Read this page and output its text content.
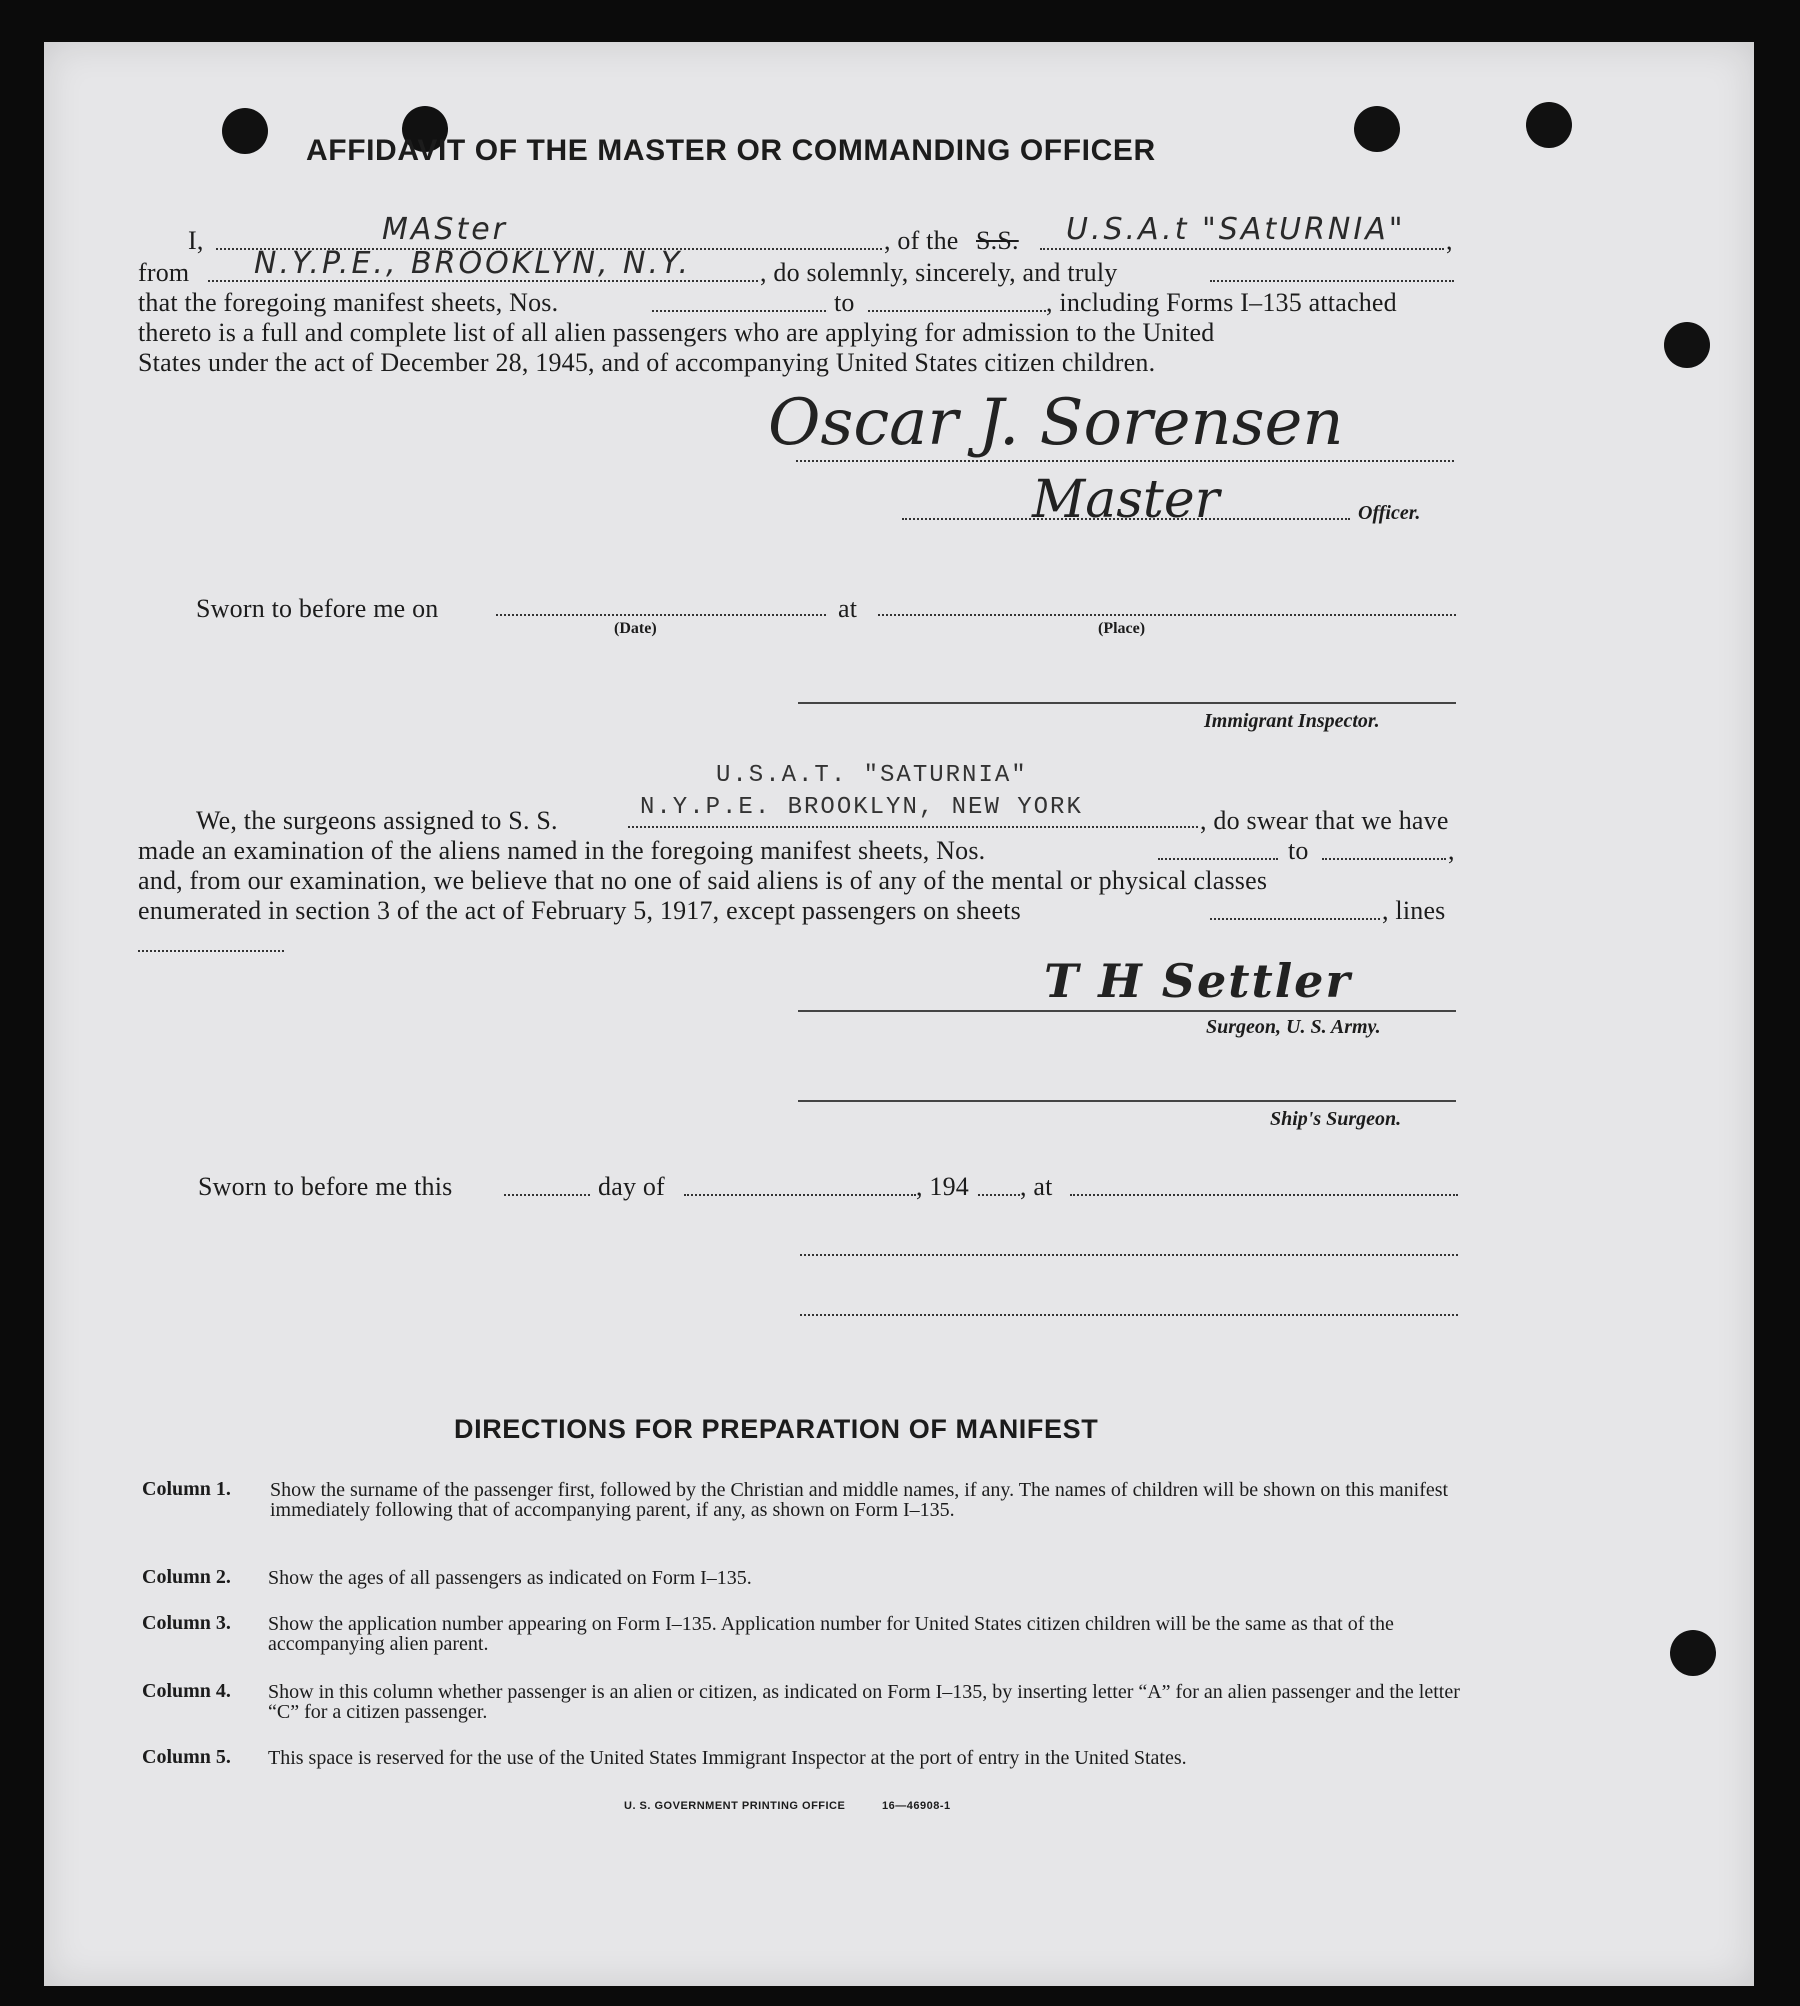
AFFIDAVIT OF THE MASTER OR COMMANDING OFFICER
I,	MASter	, of the S.S. U.S.A.t "SAtURNIA" ,
from N.Y.P.E., BROOKLYN, N.Y.	, do solemnly, sincerely, and truly
that the foregoing manifest sheets, Nos.	to	, including Forms I–135 attached
thereto is a full and complete list of all alien passengers who are applying for admission to the United
States under the act of December 28, 1945, and of accompanying United States citizen children.
Oscar J. Sorensen
Master	Officer.
Sworn to before me on
(Date)
at
(Place)
Immigrant Inspector.
U.S.A.T. "SATURNIA"
We, the surgeons assigned to S. S.	N.Y.P.E. BROOKLYN, NEW YORK	, do swear that we have
made an examination of the aliens named in the foregoing manifest sheets, Nos.	to	,
and, from our examination, we believe that no one of said aliens is of any of the mental or physical classes
enumerated in section 3 of the act of February 5, 1917, except passengers on sheets	, lines
T H Settler
Surgeon, U. S. Army.
Ship's Surgeon.
Sworn to before me this	day of	, 194 , at
DIRECTIONS FOR PREPARATION OF MANIFEST
Column 1. Show the surname of the passenger first, followed by the Christian and middle names, if any. The names of children will be shown on this manifest immediately following that of accompanying parent, if any, as shown on Form I–135.
Column 2. Show the ages of all passengers as indicated on Form I–135.
Column 3. Show the application number appearing on Form I–135. Application number for United States citizen children will be the same as that of the accompanying alien parent.
Column 4. Show in this column whether passenger is an alien or citizen, as indicated on Form I–135, by inserting letter “A” for an alien passenger and the letter “C” for a citizen passenger.
Column 5. This space is reserved for the use of the United States Immigrant Inspector at the port of entry in the United States.
U. S. GOVERNMENT PRINTING OFFICE	16—46908-1
